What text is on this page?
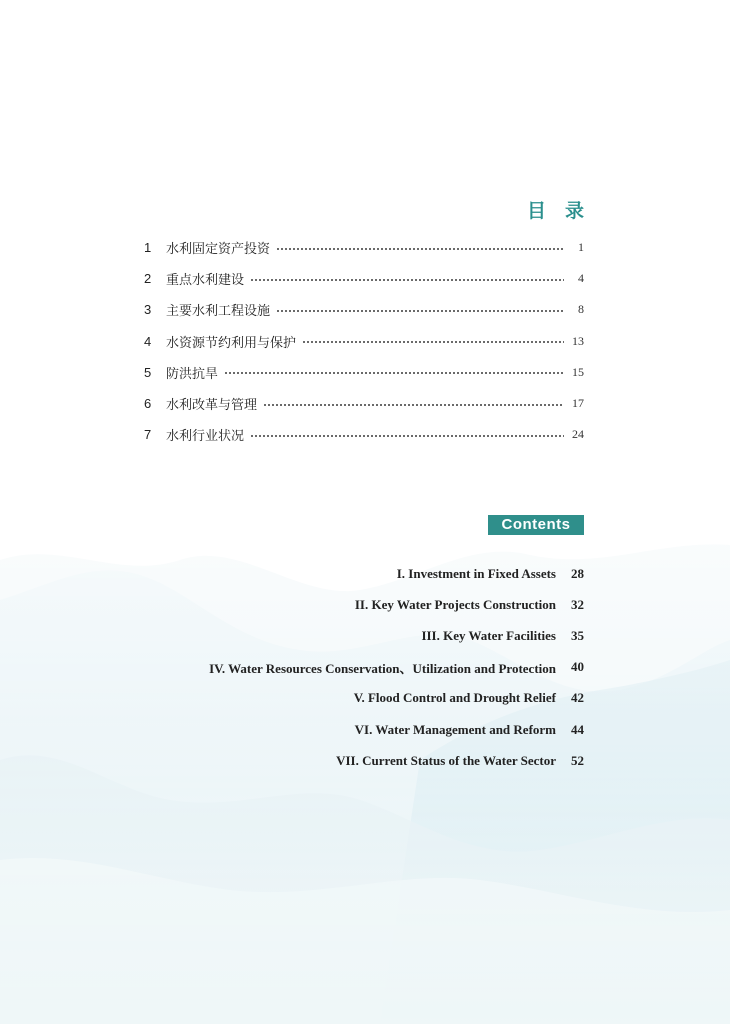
目　录
1	水利固定资产投资	1
2	重点水利建设	4
3	主要水利工程设施	8
4	水资源节约利用与保护	13
5	防洪抗旱	15
6	水利改革与管理	17
7	水利行业状况	24
Contents
I. Investment in Fixed Assets	28
II. Key Water Projects Construction	32
III. Key Water Facilities	35
IV. Water Resources Conservation、Utilization and Protection	40
V. Flood Control and Drought Relief	42
VI. Water Management and Reform	44
VII. Current Status of the Water Sector	52
